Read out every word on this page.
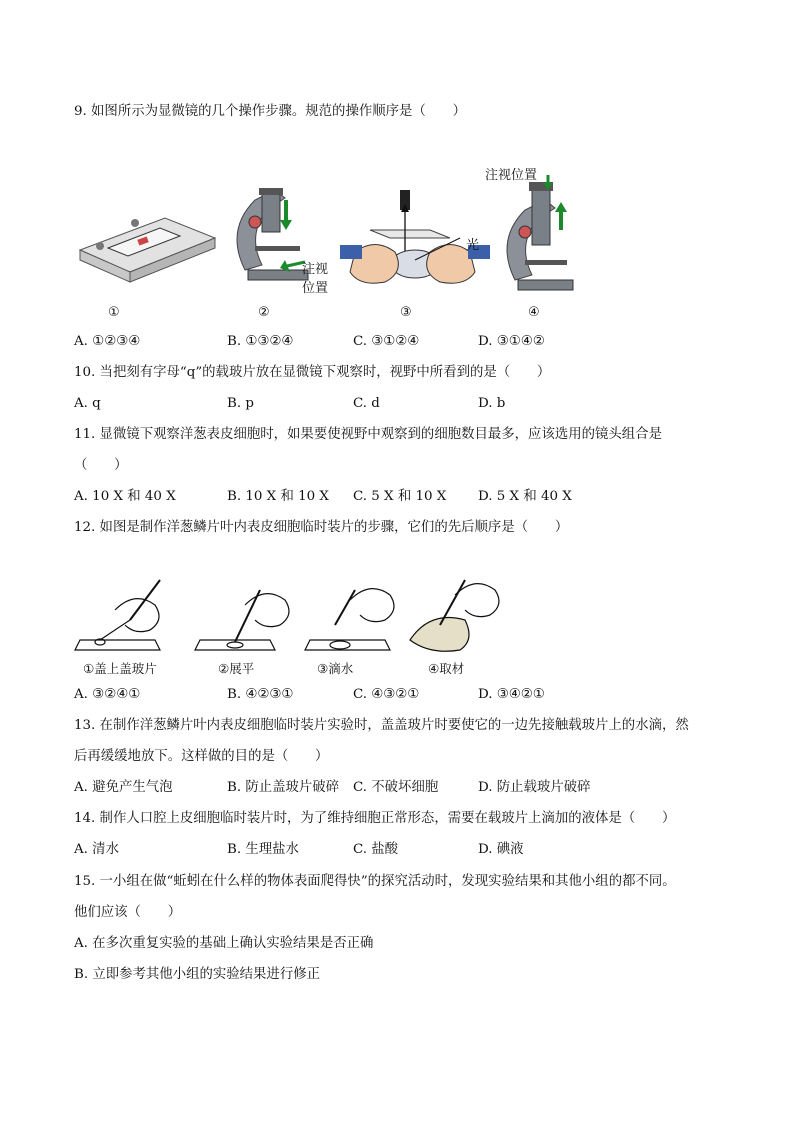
9. 如图所示为显微镜的几个操作步骤。规范的操作顺序是（　　）
注视位置
注视
位置
光
①	②	③	④
A. ①②③④	B. ①③②④	C. ③①②④	D. ③①④②
10. 当把刻有字母“q”的载玻片放在显微镜下观察时，视野中所看到的是（　　）
A. q	B. p	C. d	D. b
11. 显微镜下观察洋葱表皮细胞时，如果要使视野中观察到的细胞数目最多，应该选用的镜头组合是
（　　）
A. 10 X 和 40 X	B. 10 X 和 10 X C. 5 X 和 10 X D. 5 X 和 40 X
12. 如图是制作洋葱鳞片叶内表皮细胞临时装片的步骤，它们的先后顺序是（　　）
①盖上盖玻片	②展平	③滴水	④取材
A. ③②④①	B. ④②③①	C. ④③②①	D. ③④②①
13. 在制作洋葱鳞片叶内表皮细胞临时装片实验时，盖盖玻片时要使它的一边先接触载玻片上的水滴，然
后再缓缓地放下。这样做的目的是（　　）
A. 避免产生气泡	B. 防止盖玻片破碎 C. 不破坏细胞	D. 防止载玻片破碎
14. 制作人口腔上皮细胞临时装片时，为了维持细胞正常形态，需要在载玻片上滴加的液体是（　　）
A. 清水	B. 生理盐水	C. 盐酸	D. 碘液
15. 一小组在做“蚯蚓在什么样的物体表面爬得快”的探究活动时，发现实验结果和其他小组的都不同。
他们应该（　　）
A. 在多次重复实验的基础上确认实验结果是否正确
B. 立即参考其他小组的实验结果进行修正
